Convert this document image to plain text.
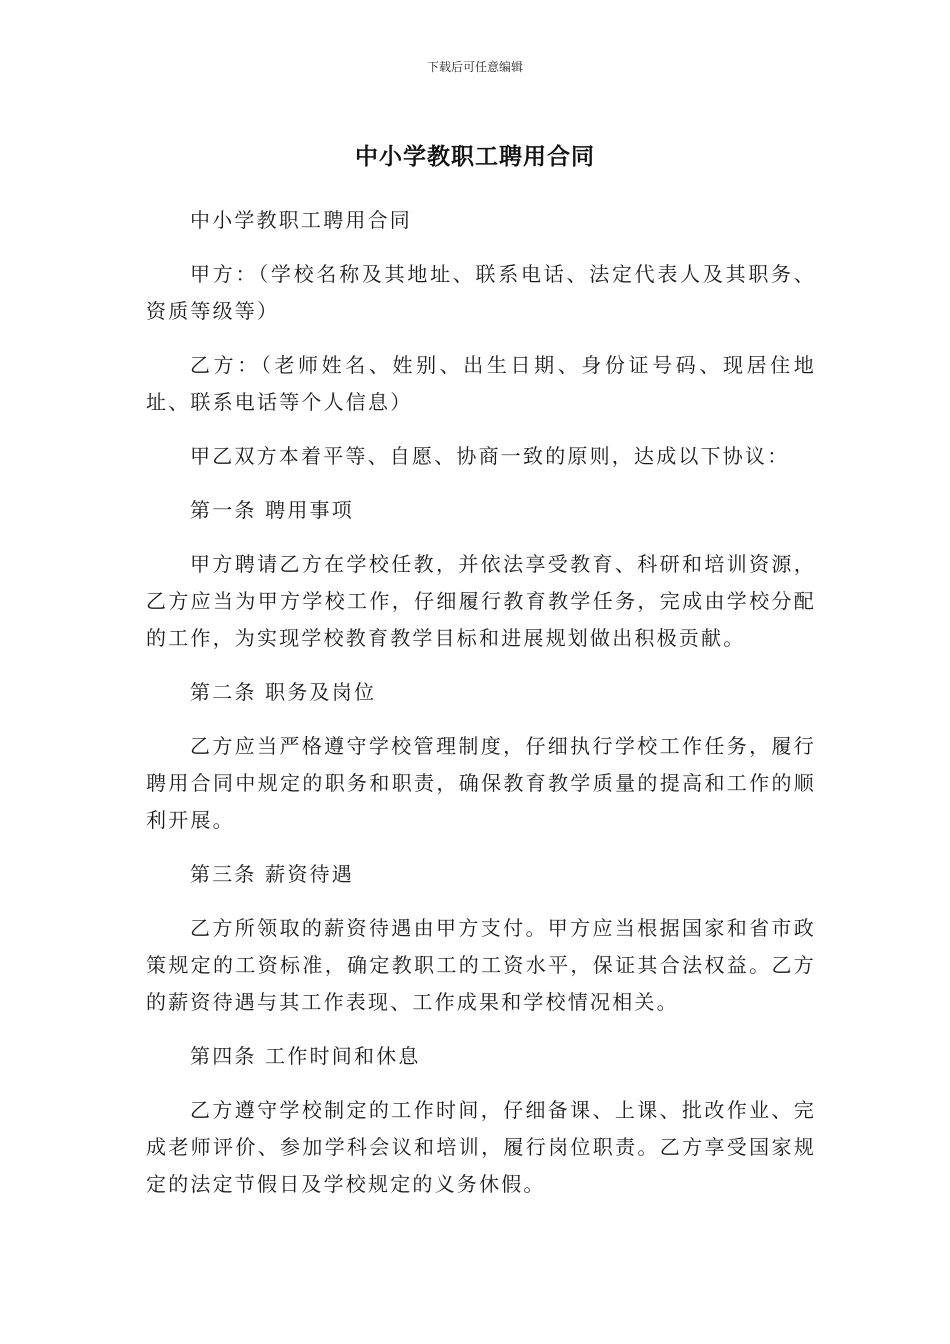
下载后可任意编辑
中小学教职工聘用合同

中小学教职工聘用合同

甲方：（学校名称及其地址、联系电话、法定代表人及其职务、资质等级等）

乙方：（老师姓名、姓别、出生日期、身份证号码、现居住地址、联系电话等个人信息）

甲乙双方本着平等、自愿、协商一致的原则，达成以下协议：

第一条 聘用事项

甲方聘请乙方在学校任教，并依法享受教育、科研和培训资源，乙方应当为甲方学校工作，仔细履行教育教学任务，完成由学校分配的工作，为实现学校教育教学目标和进展规划做出积极贡献。

第二条 职务及岗位

乙方应当严格遵守学校管理制度，仔细执行学校工作任务，履行聘用合同中规定的职务和职责，确保教育教学质量的提高和工作的顺利开展。

第三条 薪资待遇

乙方所领取的薪资待遇由甲方支付。甲方应当根据国家和省市政策规定的工资标准，确定教职工的工资水平，保证其合法权益。乙方的薪资待遇与其工作表现、工作成果和学校情况相关。

第四条 工作时间和休息

乙方遵守学校制定的工作时间，仔细备课、上课、批改作业、完成老师评价、参加学科会议和培训，履行岗位职责。乙方享受国家规定的法定节假日及学校规定的义务休假。
